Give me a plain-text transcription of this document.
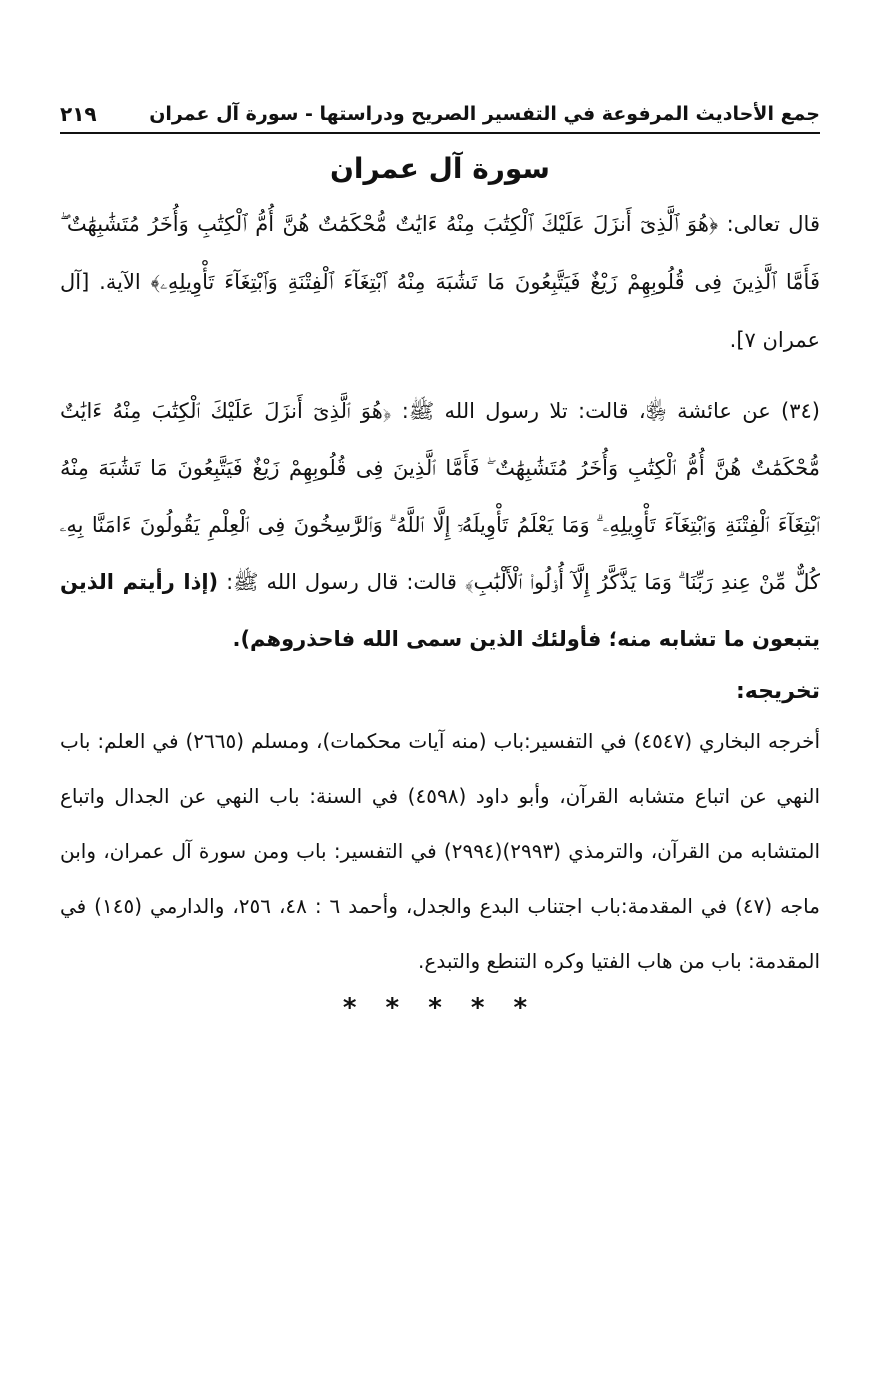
جمع الأحاديث المرفوعة في التفسير الصريح ودراستها - سورة آل عمران
٢١٩
سورة آل عمران

قال تعالى: ﴿هُوَ ٱلَّذِىٓ أَنزَلَ عَلَيْكَ ٱلْكِتَٰبَ مِنْهُ ءَايَٰتٌ مُّحْكَمَٰتٌ هُنَّ أُمُّ ٱلْكِتَٰبِ وَأُخَرُ مُتَشَٰبِهَٰتٌ ۖ فَأَمَّا ٱلَّذِينَ فِى قُلُوبِهِمْ زَيْغٌ فَيَتَّبِعُونَ مَا تَشَٰبَهَ مِنْهُ ٱبْتِغَآءَ ٱلْفِتْنَةِ وَٱبْتِغَآءَ تَأْوِيلِهِۦ﴾ الآية. [آل عمران ٧].

(٣٤) عن عائشة ﵂، قالت: تلا رسول الله ﷺ: ﴿هُوَ ٱلَّذِىٓ أَنزَلَ عَلَيْكَ ٱلْكِتَٰبَ مِنْهُ ءَايَٰتٌ مُّحْكَمَٰتٌ هُنَّ أُمُّ ٱلْكِتَٰبِ وَأُخَرُ مُتَشَٰبِهَٰتٌ ۖ فَأَمَّا ٱلَّذِينَ فِى قُلُوبِهِمْ زَيْغٌ فَيَتَّبِعُونَ مَا تَشَٰبَهَ مِنْهُ ٱبْتِغَآءَ ٱلْفِتْنَةِ وَٱبْتِغَآءَ تَأْوِيلِهِۦ ۗ وَمَا يَعْلَمُ تَأْوِيلَهُۥٓ إِلَّا ٱللَّهُ ۗ وَٱلرَّٰسِخُونَ فِى ٱلْعِلْمِ يَقُولُونَ ءَامَنَّا بِهِۦ كُلٌّ مِّنْ عِندِ رَبِّنَا ۗ وَمَا يَذَّكَّرُ إِلَّآ أُو۟لُوا۟ ٱلْأَلْبَٰبِ﴾ قالت: قال رسول الله ﷺ: (إذا رأيتم الذين يتبعون ما تشابه منه؛ فأولئك الذين سمى الله فاحذروهم).

تخريجه:

أخرجه البخاري (٤٥٤٧) في التفسير:باب (منه آيات محكمات)، ومسلم (٢٦٦٥) في العلم: باب النهي عن اتباع متشابه القرآن، وأبو داود (٤٥٩٨) في السنة: باب النهي عن الجدال واتباع المتشابه من القرآن، والترمذي (٢٩٩٣)(٢٩٩٤) في التفسير: باب ومن سورة آل عمران، وابن ماجه (٤٧) في المقدمة:باب اجتناب البدع والجدل، وأحمد ٦ : ٤٨، ٢٥٦، والدارمي (١٤٥) في المقدمة: باب من هاب الفتيا وكره التنطع والتبدع.

* * * * *
